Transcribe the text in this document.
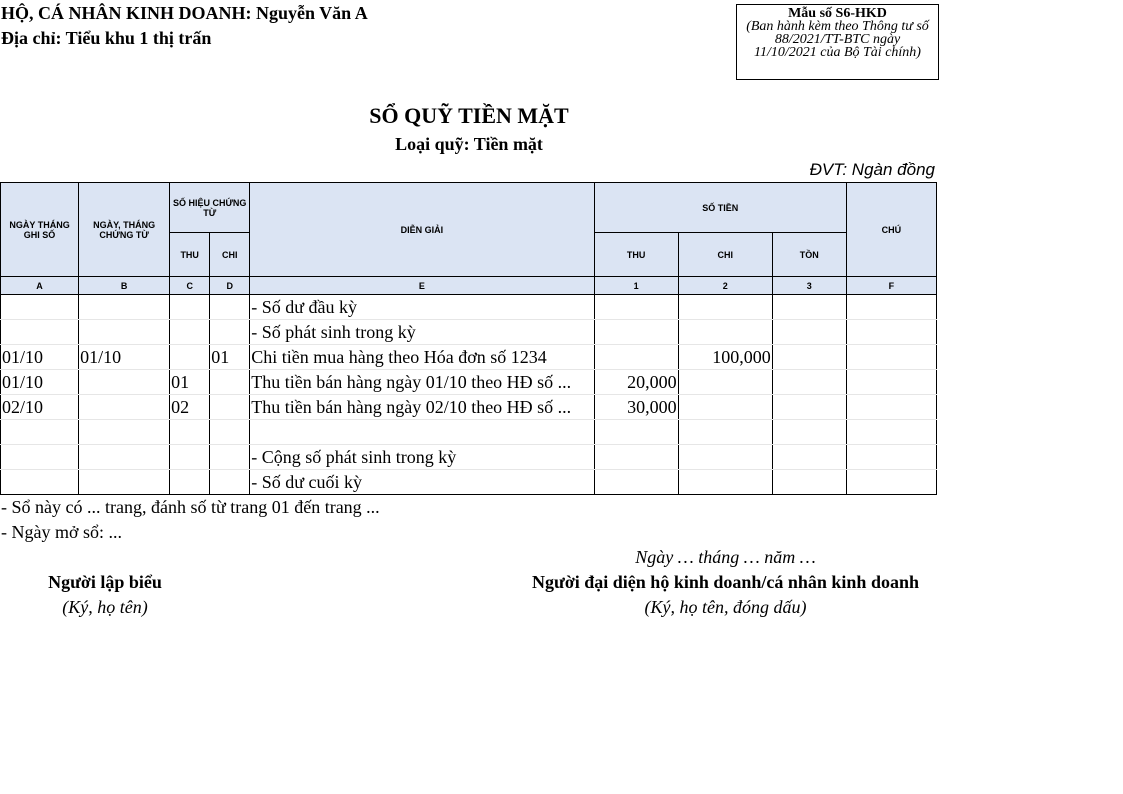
HỘ, CÁ NHÂN KINH DOANH: Nguyễn Văn A
Địa chỉ: Tiểu khu 1 thị trấn
Mẫu số S6-HKD
(Ban hành kèm theo Thông tư số 88/2021/TT-BTC ngày 11/10/2021 của Bộ Tài chính)
SỔ QUỸ TIỀN MẶT
Loại quỹ: Tiền mặt
ĐVT: Ngàn đồng
NGÀY THÁNG GHI SỐ	NGÀY, THÁNG CHỨNG TỪ	SỐ HIỆU CHỨNG TỪ		DIỄN GIẢI	SỐ TIỀN			CHÚ
		THU	CHI		THU	CHI	TỒN	
A	B	C	D	E	1	2	3	F
				- Số dư đầu kỳ				
				- Số phát sinh trong kỳ				
01/10	01/10		01	Chi tiền mua hàng theo Hóa đơn số 1234		100,000		
01/10		01		Thu tiền bán hàng ngày 01/10 theo HĐ số ...	20,000			
02/10		02		Thu tiền bán hàng ngày 02/10 theo HĐ số ...	30,000			

				- Cộng số phát sinh trong kỳ				
				- Số dư cuối kỳ				
- Sổ này có ... trang, đánh số từ trang 01 đến trang ...
- Ngày mở sổ: ...
Ngày … tháng … năm …
Người lập biểu
(Ký, họ tên)
Người đại diện hộ kinh doanh/cá nhân kinh doanh
(Ký, họ tên, đóng dấu)
